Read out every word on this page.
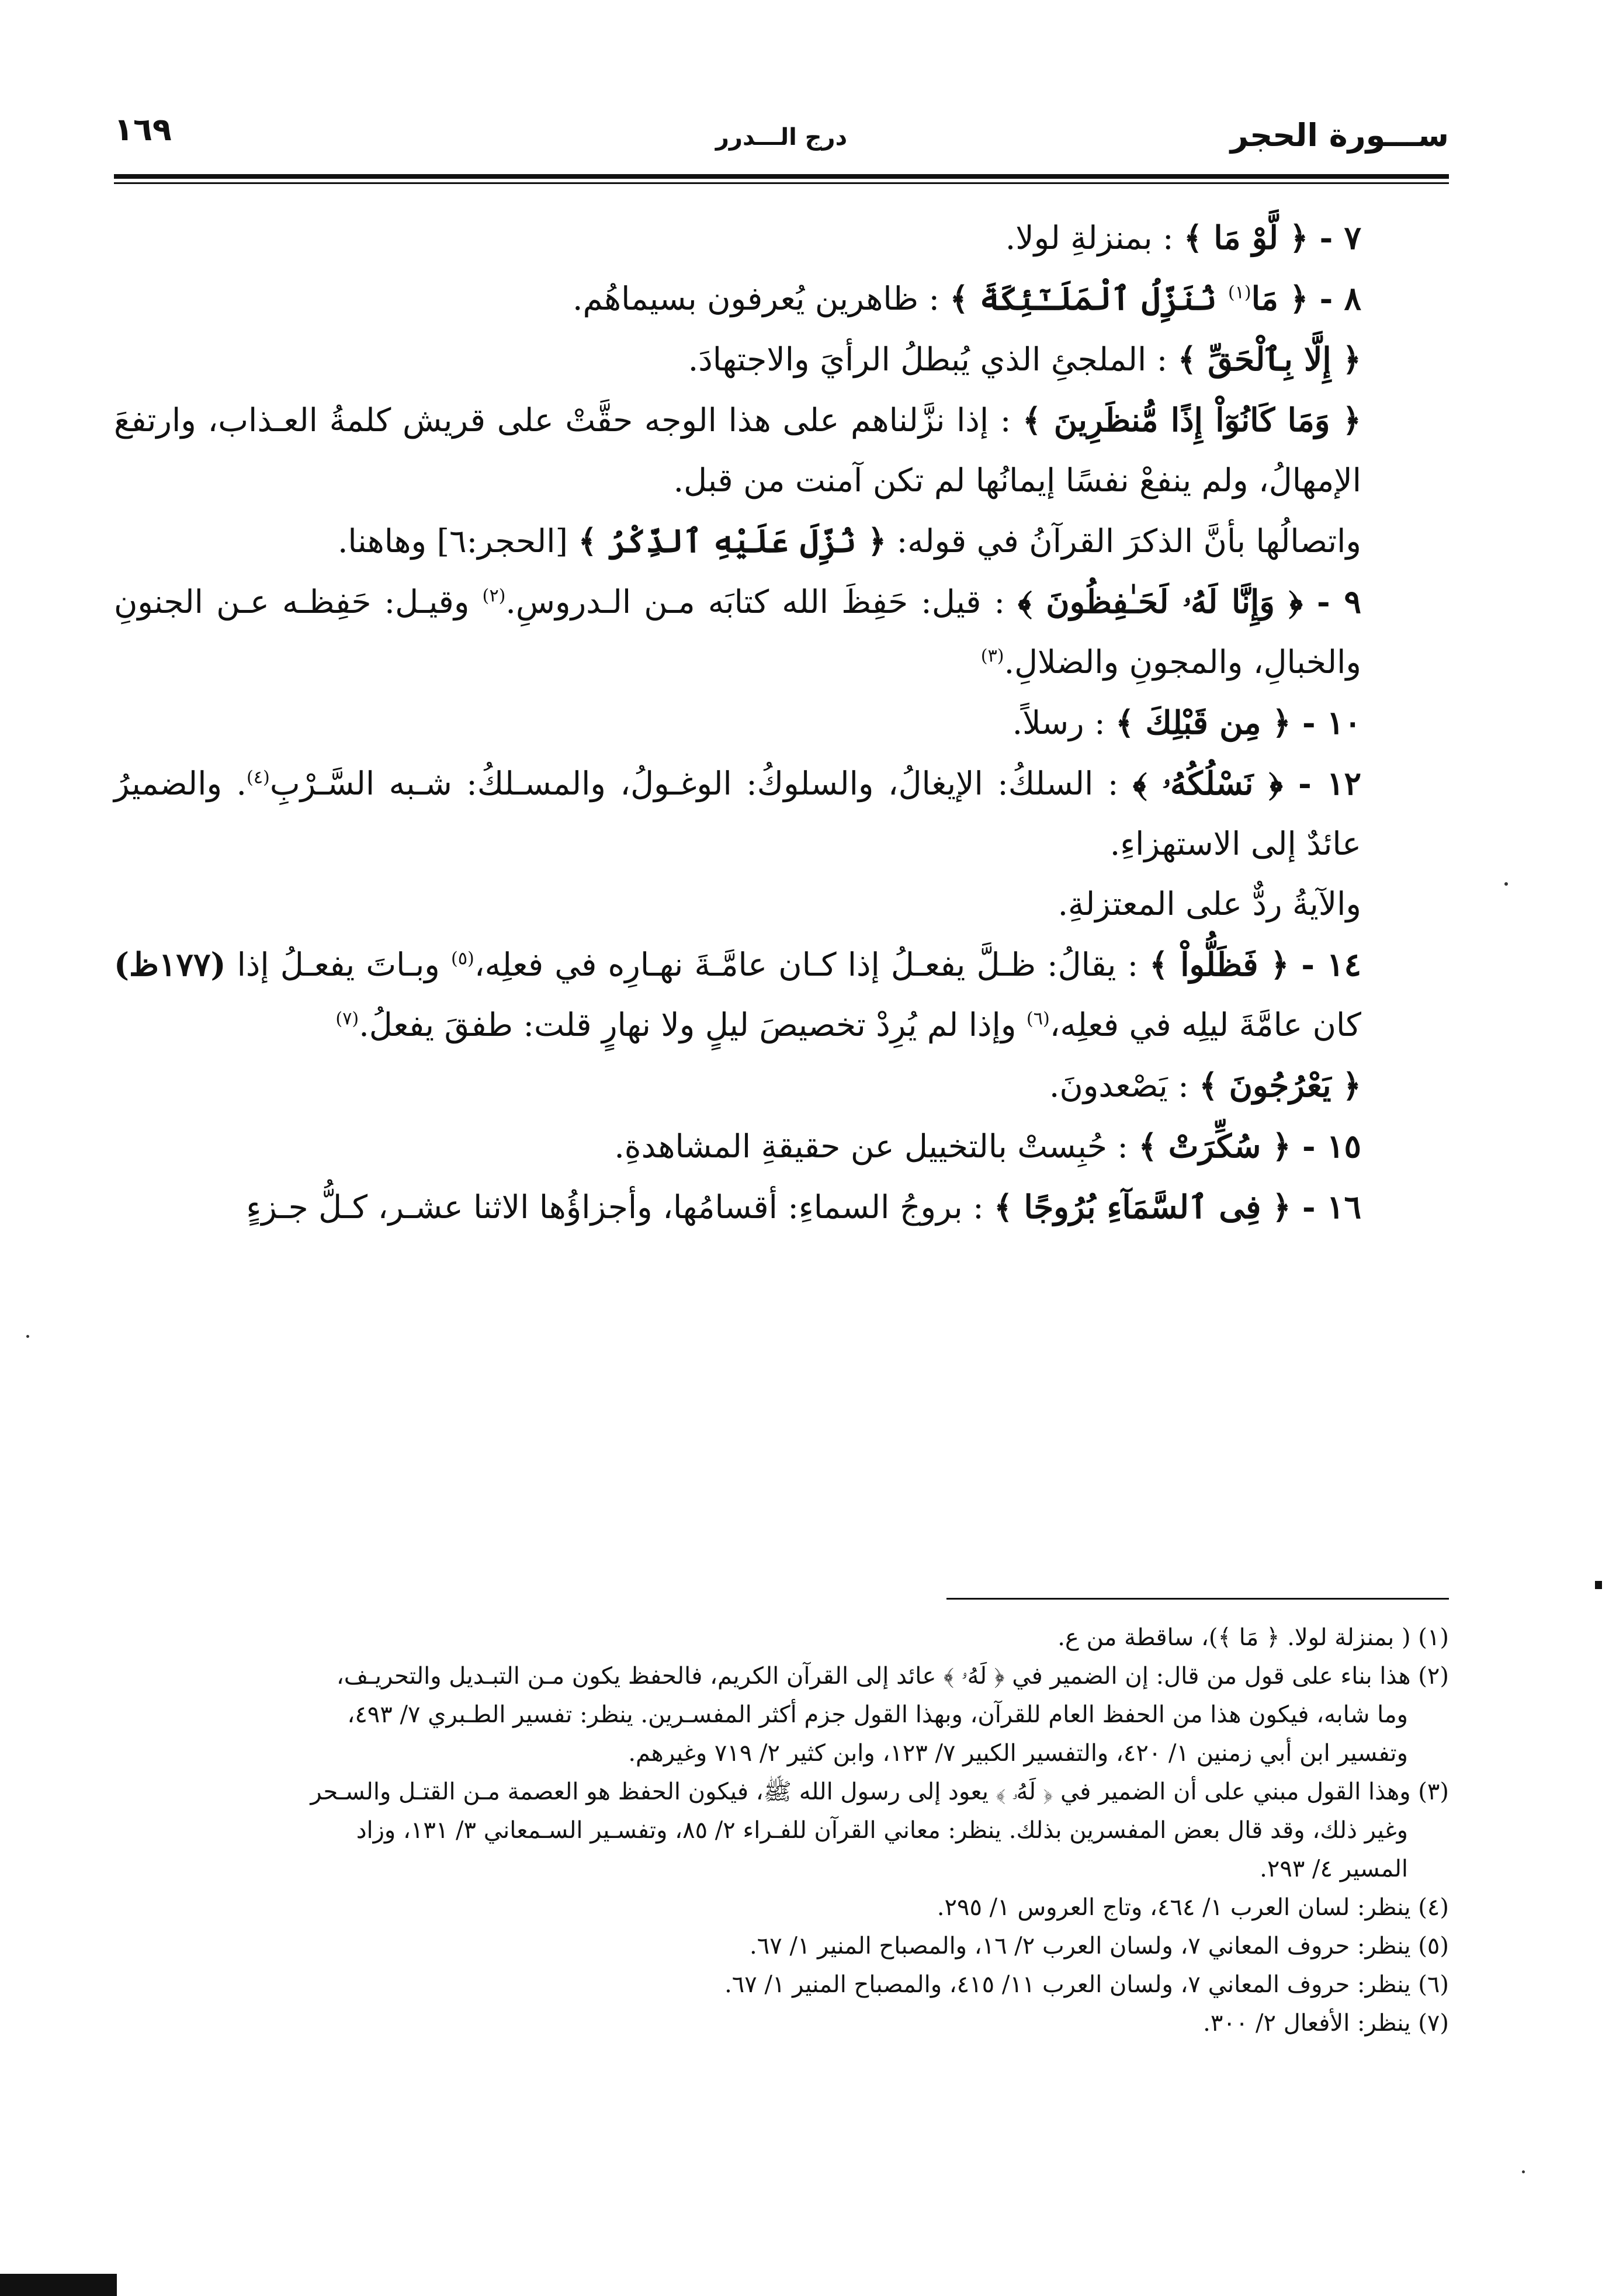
ســـورة الحجر
درج الـــدرر
١٦٩

٧ - ﴿ لَّوْ مَا ﴾ : بمنزلةِ لولا.

٨ - ﴿ مَا$^{(١)}$ نُنَزِّلُ ٱلْمَلَـٰٓئِكَةَ ﴾ : ظاهرين يُعرفون بسيماهُم.

﴿ إِلَّا بِٱلْحَقِّ ﴾ : الملجئِ الذي يُبطلُ الرأيَ والاجتهادَ.

﴿ وَمَا كَانُوٓاْ إِذًا مُّنظَرِينَ ﴾ : إذا نزَّلناهم على هذا الوجه حقَّتْ على قريش كلمةُ العـذاب، وارتفعَ الإمهالُ، ولم ينفعْ نفسًا إيمانُها لم تكن آمنت من قبل.

واتصالُها بأنَّ الذكرَ القرآنُ في قوله: ﴿ نُزِّلَ عَلَيْهِ ٱلذِّكْرُ ﴾ [الحجر:٦] وهاهنا.

٩ - ﴿ وَإِنَّا لَهُۥ لَحَـٰفِظُونَ ﴾ : قيل: حَفِظَ الله كتابَه مـن الـدروسِ.$^{(٢)}$ وقيـل: حَفِظـه عـن الجنونِ والخبالِ، والمجونِ والضلالِ.$^{(٣)}$

١٠ - ﴿ مِن قَبْلِكَ ﴾ : رسلاً.

١٢ - ﴿ نَسْلُكُهُۥ ﴾ : السلكُ: الإيغالُ، والسلوكُ: الوغـولُ، والمسـلكُ: شـبه السَّـرْبِ$^{(٤)}$. والضميرُ عائدٌ إلى الاستهزاءِ.

والآيةُ ردٌّ على المعتزلةِ.

١٤ - ﴿ فَظَلُّواْ ﴾ : يقالُ: ظـلَّ يفعـلُ إذا كـان عامَّـةَ نهـارِه في فعلِه،$^{(٥)}$ وبـاتَ يفعـلُ إذا (١٧٧ظ) كان عامَّةَ ليلِه في فعلِه،$^{(٦)}$ وإذا لم يُرِدْ تخصيصَ ليلٍ ولا نهارٍ قلت: طفقَ يفعلُ.$^{(٧)}$

﴿ يَعْرُجُونَ ﴾ : يَصْعدونَ.

١٥ - ﴿ سُكِّرَتْ ﴾ : حُبِستْ بالتخييل عن حقيقةِ المشاهدةِ.

١٦ - ﴿ فِى ٱلسَّمَآءِ بُرُوجًا ﴾ : بروجُ السماءِ: أقسامُها، وأجزاؤُها الاثنا عشـر، كـلُّ جـزءٍ

(١) ( بمنزلة لولا. ﴿ مَا ﴾)، ساقطة من ع.

(٢) هذا بناء على قول من قال: إن الضمير في ﴿ لَهُۥ ﴾ عائد إلى القرآن الكريم، فالحفظ يكون مـن التبـديل والتحريـف،

وما شابه، فيكون هذا من الحفظ العام للقرآن، وبهذا القول جزم أكثر المفسـرين. ينظر: تفسير الطـبري ٧/ ٤٩٣،

وتفسير ابن أبي زمنين ١/ ٤٢٠، والتفسير الكبير ٧/ ١٢٣، وابن كثير ٢/ ٧١٩ وغيرهم.

(٣) وهذا القول مبني على أن الضمير في ﴿ لَهُۥ ﴾ يعود إلى رسول الله ﷺ، فيكون الحفظ هو العصمة مـن القتـل والسـحر

وغير ذلك، وقد قال بعض المفسرين بذلك. ينظر: معاني القرآن للفـراء ٢/ ٨٥، وتفسـير السـمعاني ٣/ ١٣١، وزاد

المسير ٤/ ٢٩٣.

(٤) ينظر: لسان العرب ١/ ٤٦٤، وتاج العروس ١/ ٢٩٥.

(٥) ينظر: حروف المعاني ٧، ولسان العرب ٢/ ١٦، والمصباح المنير ١/ ٦٧.

(٦) ينظر: حروف المعاني ٧، ولسان العرب ١١/ ٤١٥، والمصباح المنير ١/ ٦٧.

(٧) ينظر: الأفعال ٢/ ٣٠٠.
